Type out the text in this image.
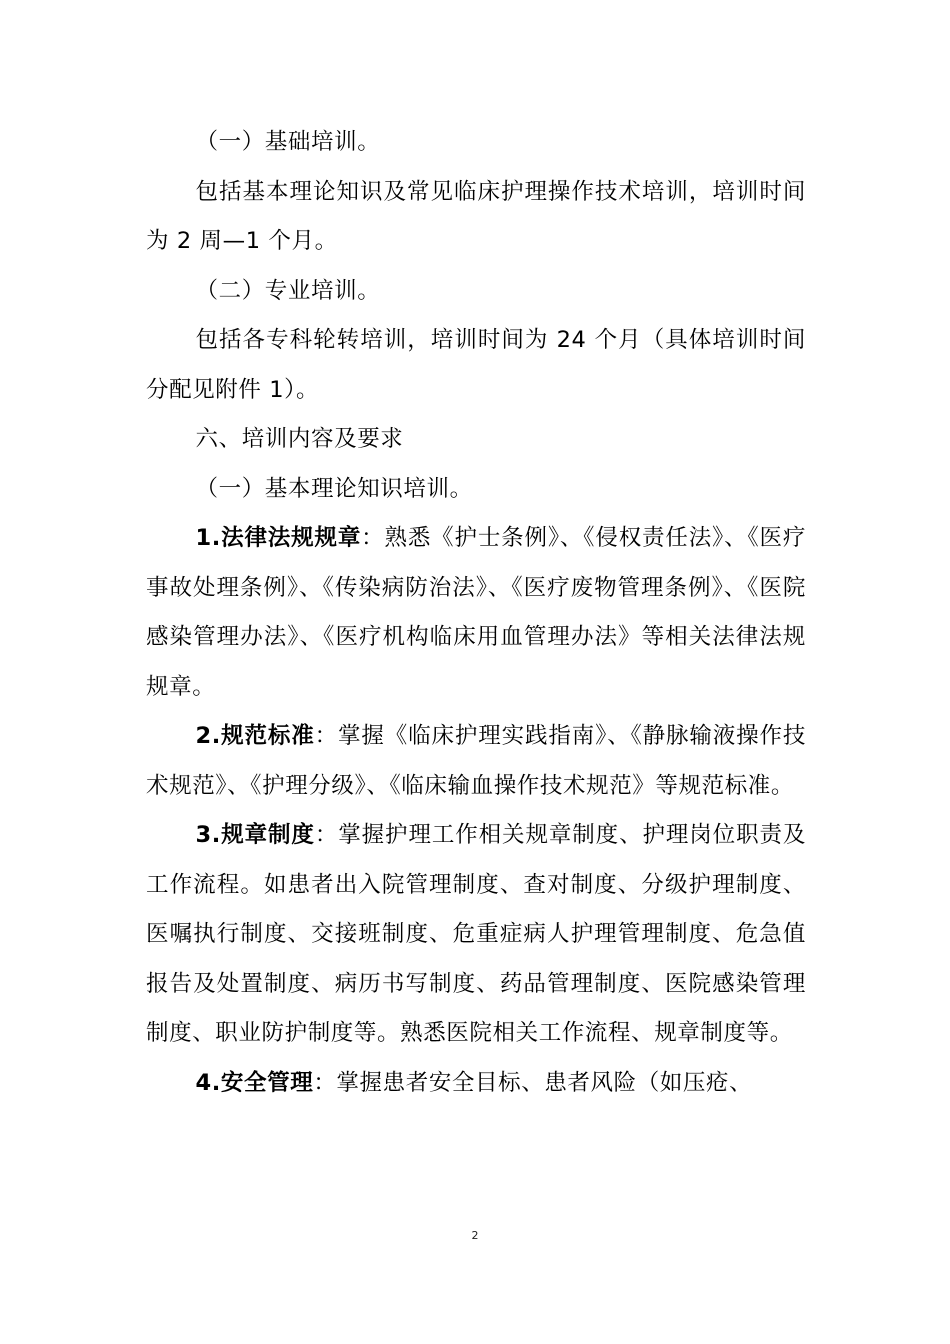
（一）基础培训。

包括基本理论知识及常见临床护理操作技术培训，培训时间为 2 周—1 个月。

（二）专业培训。

包括各专科轮转培训，培训时间为 24 个月（具体培训时间分配见附件 1）。

六、培训内容及要求

（一）基本理论知识培训。

1.法律法规规章：熟悉《护士条例》、《侵权责任法》、《医疗事故处理条例》、《传染病防治法》、《医疗废物管理条例》、《医院感染管理办法》、《医疗机构临床用血管理办法》等相关法律法规规章。

2.规范标准：掌握《临床护理实践指南》、《静脉输液操作技术规范》、《护理分级》、《临床输血操作技术规范》等规范标准。

3.规章制度：掌握护理工作相关规章制度、护理岗位职责及工作流程。如患者出入院管理制度、查对制度、分级护理制度、医嘱执行制度、交接班制度、危重症病人护理管理制度、危急值报告及处置制度、病历书写制度、药品管理制度、医院感染管理制度、职业防护制度等。熟悉医院相关工作流程、规章制度等。

4.安全管理：掌握患者安全目标、患者风险（如压疮、

2
